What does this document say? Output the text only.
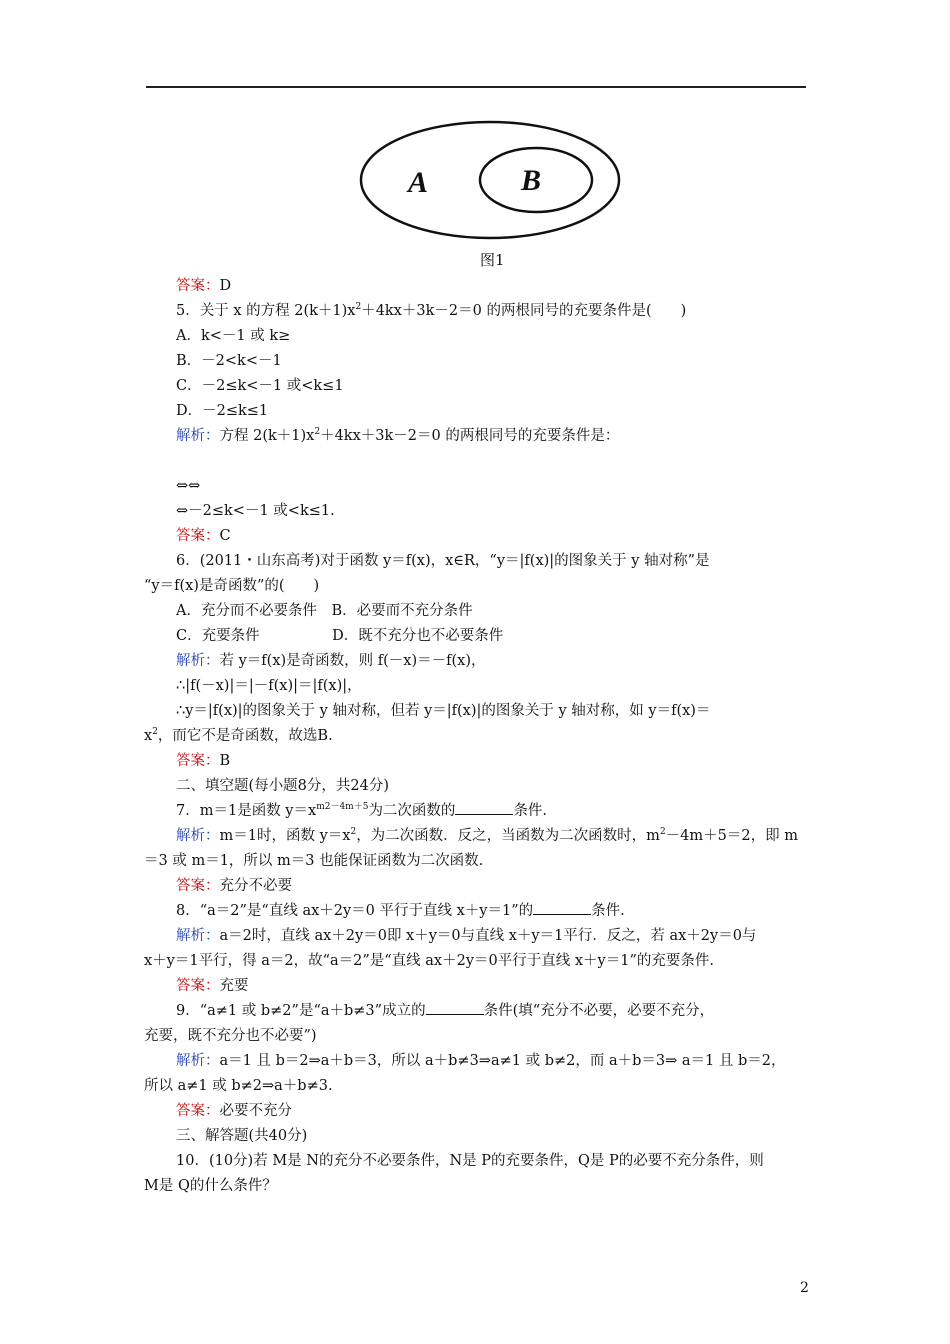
A	B
图1
答案：D
5．关于 x 的方程 $2(k+1)x^2+4kx+3k-2=0$ 的两根同号的充要条件是(　　)
A．k<－1 或 k≥
B．－2<k<－1
C．－2≤k<－1 或<k≤1
D．－2≤k≤1
解析：方程 $2(k+1)x^2+4kx+3k-2=0$ 的两根同号的充要条件是：
⇔⇔
⇔－2≤k<－1 或<k≤1.
答案：C
6．(2011・山东高考)对于函数 y＝f(x)，x∈R，“y＝|f(x)|的图象关于 y 轴对称”是
“y＝f(x)是奇函数”的(　　)
A．充分而不必要条件　B．必要而不充分条件
C．充要条件　　　　　D．既不充分也不必要条件
解析：若 y＝f(x)是奇函数，则 f(－x)＝－f(x)，
∴|f(－x)|＝|－f(x)|＝|f(x)|，
∴y＝|f(x)|的图象关于 y 轴对称，但若 y＝|f(x)|的图象关于 y 轴对称，如 y＝f(x)＝
$x^2$，而它不是奇函数，故选B.
答案：B
二、填空题(每小题8分，共24分)
7．m＝1是函数 $y=x^{m2-4m+5}$为二次函数的	条件.
解析：m＝1时，函数 $y=x^2$，为二次函数．反之，当函数为二次函数时，$m^2-4m+5=2$，即 m
＝3 或 m＝1，所以 m＝3 也能保证函数为二次函数.
答案：充分不必要
8．“a＝2”是“直线 ax＋2y＝0 平行于直线 x＋y＝1”的	条件.
解析：a＝2时，直线 ax＋2y＝0即 x＋y＝0与直线 x＋y＝1平行．反之，若 ax＋2y＝0与
x＋y＝1平行，得 a＝2，故“a＝2”是“直线 ax＋2y＝0平行于直线 x＋y＝1”的充要条件.
答案：充要
9．“a≠1 或 b≠2”是“a＋b≠3”成立的	条件(填“充分不必要，必要不充分，
充要，既不充分也不必要”)
解析：a＝1 且 b＝2⇒a＋b＝3，所以 a＋b≠3⇒a≠1 或 b≠2，而 a＋b＝3⇒ a＝1 且 b＝2，
所以 a≠1 或 b≠2⇒a＋b≠3.
答案：必要不充分
三、解答题(共40分)
10．(10分)若 M是 N的充分不必要条件，N是 P的充要条件，Q是 P的必要不充分条件，则
M是 Q的什么条件？
2
